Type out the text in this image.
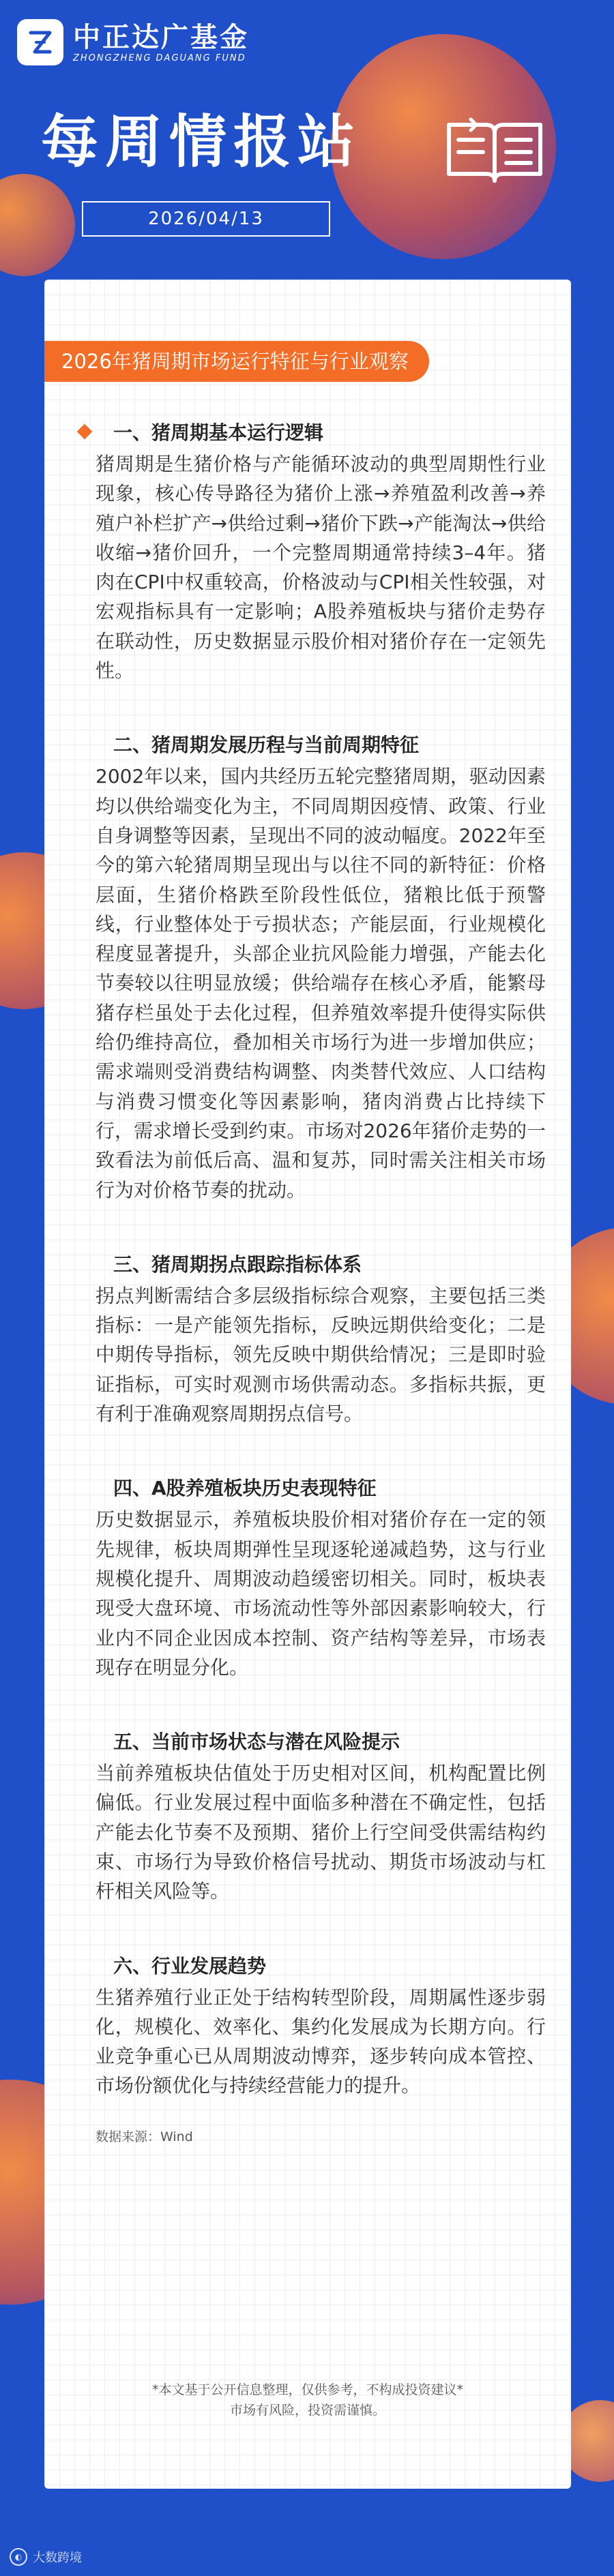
中正达广基金
ZHONGZHENG DAGUANG FUND
每周情报站
2026/04/13
2026年猪周期市场运行特征与行业观察
一、猪周期基本运行逻辑

猪周期是生猪价格与产能循环波动的典型周期性行业现象，核心传导路径为猪价上涨→养殖盈利改善→养殖户补栏扩产→供给过剩→猪价下跌→产能淘汰→供给收缩→猪价回升，一个完整周期通常持续3–4年。猪肉在CPI中权重较高，价格波动与CPI相关性较强，对宏观指标具有一定影响；A股养殖板块与猪价走势存在联动性，历史数据显示股价相对猪价存在一定领先性。

二、猪周期发展历程与当前周期特征

2002年以来，国内共经历五轮完整猪周期，驱动因素均以供给端变化为主，不同周期因疫情、政策、行业自身调整等因素，呈现出不同的波动幅度。2022年至今的第六轮猪周期呈现出与以往不同的新特征：价格层面，生猪价格跌至阶段性低位，猪粮比低于预警线，行业整体处于亏损状态；产能层面，行业规模化程度显著提升，头部企业抗风险能力增强，产能去化节奏较以往明显放缓；供给端存在核心矛盾，能繁母猪存栏虽处于去化过程，但养殖效率提升使得实际供给仍维持高位，叠加相关市场行为进一步增加供应；需求端则受消费结构调整、肉类替代效应、人口结构与消费习惯变化等因素影响，猪肉消费占比持续下行，需求增长受到约束。市场对2026年猪价走势的一致看法为前低后高、温和复苏，同时需关注相关市场行为对价格节奏的扰动。

三、猪周期拐点跟踪指标体系

拐点判断需结合多层级指标综合观察，主要包括三类指标：一是产能领先指标，反映远期供给变化；二是中期传导指标，领先反映中期供给情况；三是即时验证指标，可实时观测市场供需动态。多指标共振，更有利于准确观察周期拐点信号。

四、A股养殖板块历史表现特征

历史数据显示，养殖板块股价相对猪价存在一定的领先规律，板块周期弹性呈现逐轮递减趋势，这与行业规模化提升、周期波动趋缓密切相关。同时，板块表现受大盘环境、市场流动性等外部因素影响较大，行业内不同企业因成本控制、资产结构等差异，市场表现存在明显分化。

五、当前市场状态与潜在风险提示

当前养殖板块估值处于历史相对区间，机构配置比例偏低。行业发展过程中面临多种潜在不确定性，包括产能去化节奏不及预期、猪价上行空间受供需结构约束、市场行为导致价格信号扰动、期货市场波动与杠杆相关风险等。

六、行业发展趋势

生猪养殖行业正处于结构转型阶段，周期属性逐步弱化，规模化、效率化、集约化发展成为长期方向。行业竞争重心已从周期波动博弈，逐步转向成本管控、市场份额优化与持续经营能力的提升。

数据来源：Wind
*本文基于公开信息整理，仅供参考，不构成投资建议*
市场有风险，投资需谨慎。
◐ 大数跨境
